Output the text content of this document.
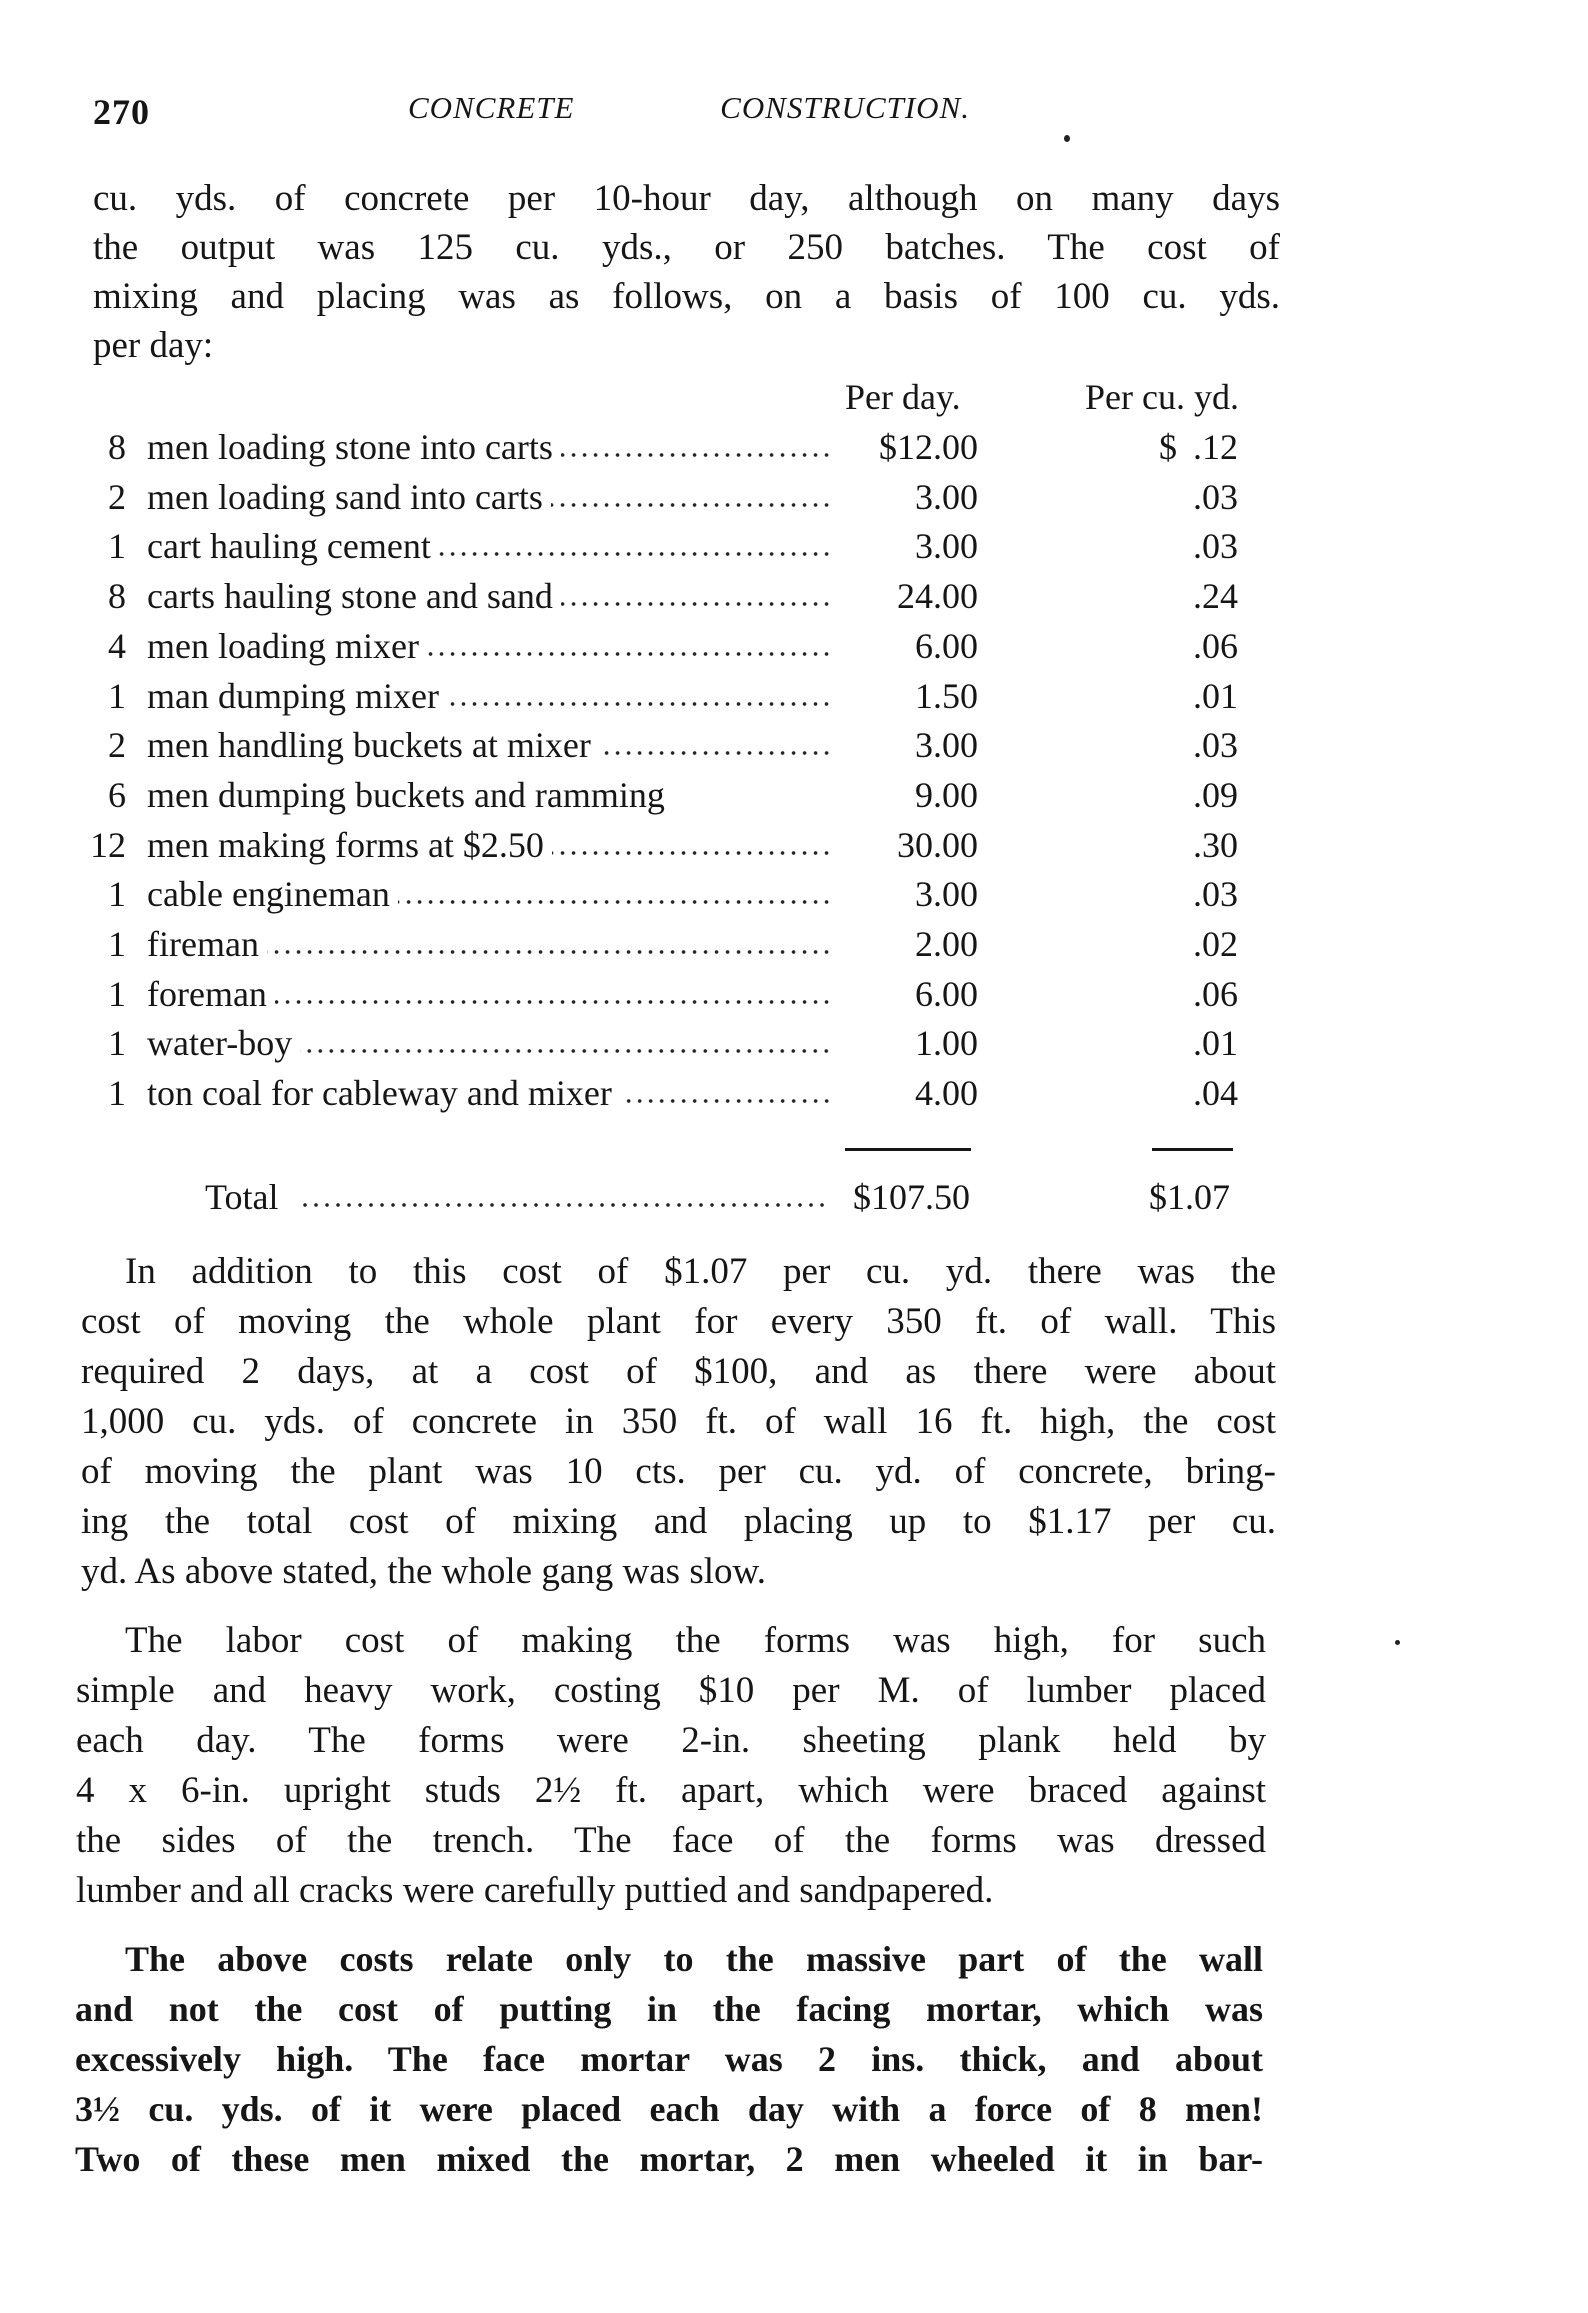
270	CONCRETE CONSTRUCTION.
cu. yds. of concrete per 10-hour day, although on many days
the output was 125 cu. yds., or 250 batches. The cost of
mixing and placing was as follows, on a basis of 100 cu. yds.
per day:
Per day.	Per cu. yd.
8 men loading stone into carts	$12.00	$ .12
2 men loading sand into carts	3.00	.03
1 cart hauling cement	3.00	.03
8 carts hauling stone and sand	24.00	.24
4 men loading mixer	6.00	.06
1 man dumping mixer	1.50	.01
2 men handling buckets at mixer	3.00	.03
6 men dumping buckets and ramming	9.00	.09
12 men making forms at $2.50	30.00	.30
1 cable engineman	3.00	.03
1 fireman	2.00	.02
1 foreman	6.00	.06
1 water-boy	1.00	.01
1 ton coal for cableway and mixer	4.00	.04
Total	$107.50	$1.07
In addition to this cost of $1.07 per cu. yd. there was the
cost of moving the whole plant for every 350 ft. of wall. This
required 2 days, at a cost of $100, and as there were about
1,000 cu. yds. of concrete in 350 ft. of wall 16 ft. high, the cost
of moving the plant was 10 cts. per cu. yd. of concrete, bring-
ing the total cost of mixing and placing up to $1.17 per cu.
yd. As above stated, the whole gang was slow.
The labor cost of making the forms was high, for such
simple and heavy work, costing $10 per M. of lumber placed
each day. The forms were 2-in. sheeting plank held by
4 x 6-in. upright studs 2½ ft. apart, which were braced against
the sides of the trench. The face of the forms was dressed
lumber and all cracks were carefully puttied and sandpapered.
The above costs relate only to the massive part of the wall
and not the cost of putting in the facing mortar, which was
excessively high. The face mortar was 2 ins. thick, and about
3½ cu. yds. of it were placed each day with a force of 8 men!
Two of these men mixed the mortar, 2 men wheeled it in bar-
